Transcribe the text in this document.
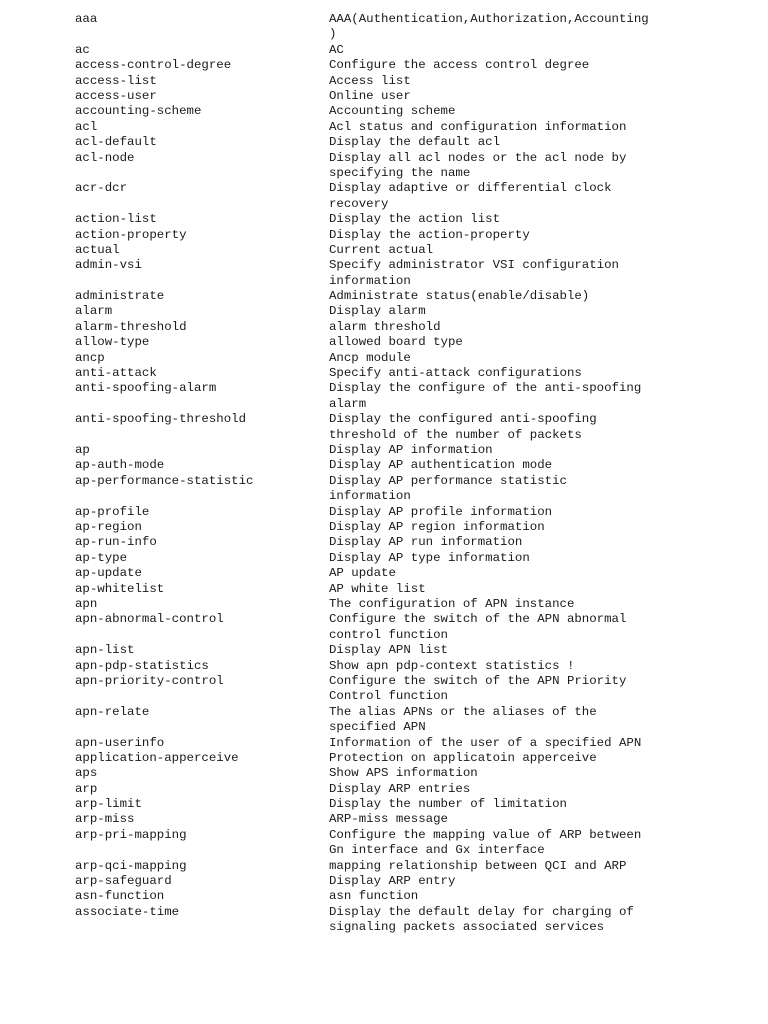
aaa	AAA(Authentication,Authorization,Accounting
)
ac	AC
access-control-degree	Configure the access control degree
access-list	Access list
access-user	Online user
accounting-scheme	Accounting scheme
acl	Acl status and configuration information
acl-default	Display the default acl
acl-node	Display all acl nodes or the acl node by
specifying the name
acr-dcr	Display adaptive or differential clock
recovery
action-list	Display the action list
action-property	Display the action-property
actual	Current actual
admin-vsi	Specify administrator VSI configuration
information
administrate	Administrate status(enable/disable)
alarm	Display alarm
alarm-threshold	alarm threshold
allow-type	allowed board type
ancp	Ancp module
anti-attack	Specify anti-attack configurations
anti-spoofing-alarm	Display the configure of the anti-spoofing
alarm
anti-spoofing-threshold	Display the configured anti-spoofing
threshold of the number of packets
ap	Display AP information
ap-auth-mode	Display AP authentication mode
ap-performance-statistic	Display AP performance statistic
information
ap-profile	Display AP profile information
ap-region	Display AP region information
ap-run-info	Display AP run information
ap-type	Display AP type information
ap-update	AP update
ap-whitelist	AP white list
apn	The configuration of APN instance
apn-abnormal-control	Configure the switch of the APN abnormal
control function
apn-list	Display APN list
apn-pdp-statistics	Show apn pdp-context statistics !
apn-priority-control	Configure the switch of the APN Priority
Control function
apn-relate	The alias APNs or the aliases of the
specified APN
apn-userinfo	Information of the user of a specified APN
application-apperceive	Protection on applicatoin apperceive
aps	Show APS information
arp	Display ARP entries
arp-limit	Display the number of limitation
arp-miss	ARP-miss message
arp-pri-mapping	Configure the mapping value of ARP between
Gn interface and Gx interface
arp-qci-mapping	mapping relationship between QCI and ARP
arp-safeguard	Display ARP entry
asn-function	asn function
associate-time	Display the default delay for charging of
signaling packets associated services
